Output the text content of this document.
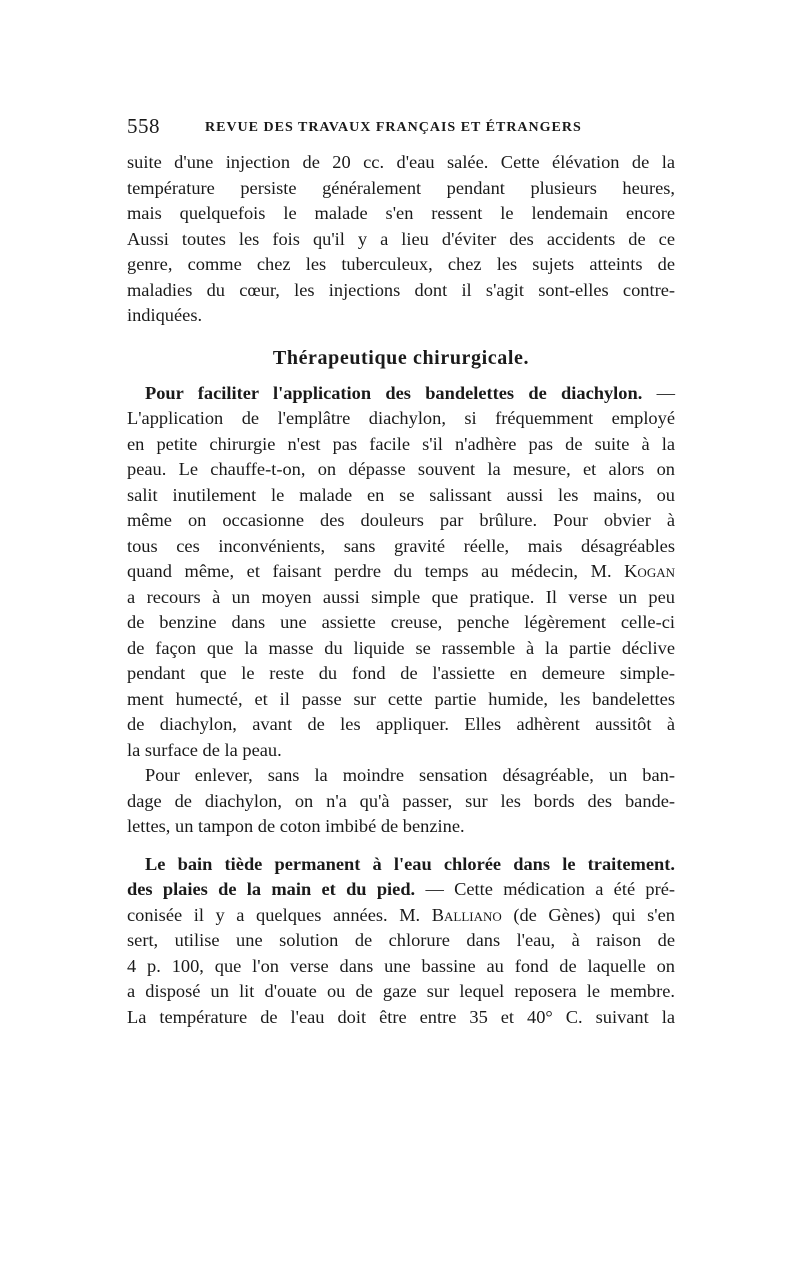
558	REVUE DES TRAVAUX FRANÇAIS ET ÉTRANGERS
suite d'une injection de 20 cc. d'eau salée. Cette élévation de la
température persiste généralement pendant plusieurs heures,
mais quelquefois le malade s'en ressent le lendemain encore
Aussi toutes les fois qu'il y a lieu d'éviter des accidents de ce
genre, comme chez les tuberculeux, chez les sujets atteints de
maladies du cœur, les injections dont il s'agit sont-elles contre-
indiquées.
Thérapeutique chirurgicale.
Pour faciliter l'application des bandelettes de diachylon. —
L'application de l'emplâtre diachylon, si fréquemment employé
en petite chirurgie n'est pas facile s'il n'adhère pas de suite à la
peau. Le chauffe-t-on, on dépasse souvent la mesure, et alors on
salit inutilement le malade en se salissant aussi les mains, ou
même on occasionne des douleurs par brûlure. Pour obvier à
tous ces inconvénients, sans gravité réelle, mais désagréables
quand même, et faisant perdre du temps au médecin, M. Kogan
a recours à un moyen aussi simple que pratique. Il verse un peu
de benzine dans une assiette creuse, penche légèrement celle-ci
de façon que la masse du liquide se rassemble à la partie déclive
pendant que le reste du fond de l'assiette en demeure simple-
ment humecté, et il passe sur cette partie humide, les bandelettes
de diachylon, avant de les appliquer. Elles adhèrent aussitôt à
la surface de la peau.
Pour enlever, sans la moindre sensation désagréable, un ban-
dage de diachylon, on n'a qu'à passer, sur les bords des bande-
lettes, un tampon de coton imbibé de benzine.
Le bain tiède permanent à l'eau chlorée dans le traitement.
des plaies de la main et du pied. — Cette médication a été pré-
conisée il y a quelques années. M. Balliano (de Gènes) qui s'en
sert, utilise une solution de chlorure dans l'eau, à raison de
4 p. 100, que l'on verse dans une bassine au fond de laquelle on
a disposé un lit d'ouate ou de gaze sur lequel reposera le membre.
La température de l'eau doit être entre 35 et 40° C. suivant la
